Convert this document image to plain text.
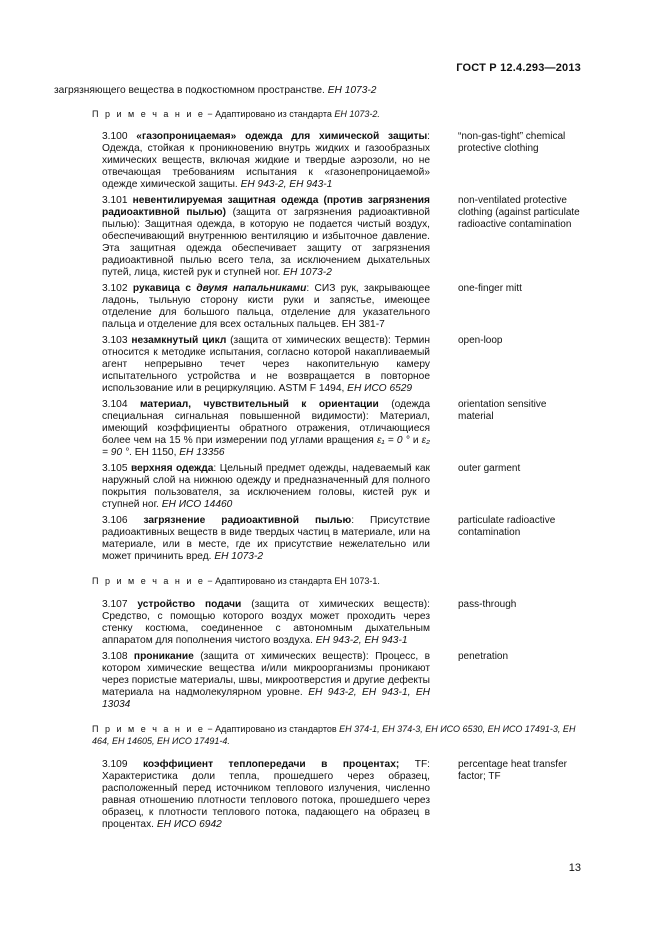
ГОСТ Р 12.4.293—2013
загрязняющего вещества в подкостюмном пространстве. ЕН 1073-2
П р и м е ч а н и е − Адаптировано из стандарта ЕН 1073-2.
3.100 «газопроницаемая» одежда для химической защиты: Одежда, стойкая к проникновению внутрь жидких и газообразных химических веществ, включая жидкие и твердые аэрозоли, но не отвечающая требованиям испытания к «газонепроницаемой» одежде химической защиты. ЕН 943-2, ЕН 943-1
“non-gas-tight” chemical protective clothing
3.101 невентилируемая защитная одежда (против загрязнения радиоактивной пылью) (защита от загрязнения радиоактивной пылью): Защитная одежда, в которую не подается чистый воздух, обеспечивающий внутреннюю вентиляцию и избыточное давление. Эта защитная одежда обеспечивает защиту от загрязнения радиоактивной пылью всего тела, за исключением дыхательных путей, лица, кистей рук и ступней ног. ЕН 1073-2
non-ventilated protective clothing (against particulate radioactive contamination
3.102 рукавица с двумя напальниками: СИЗ рук, закрывающее ладонь, тыльную сторону кисти руки и запястье, имеющее отделение для большого пальца, отделение для указательного пальца и отделение для всех остальных пальцев. ЕН 381-7
one-finger mitt
3.103 незамкнутый цикл (защита от химических веществ): Термин относится к методике испытания, согласно которой накапливаемый агент непрерывно течет через накопительную камеру испытательного устройства и не возвращается в повторное использование или в рециркуляцию. ASTM F 1494, ЕН ИСО 6529
open-loop
3.104 материал, чувствительный к ориентации (одежда специальная сигнальная повышенной видимости): Материал, имеющий коэффициенты обратного отражения, отличающиеся более чем на 15 % при измерении под углами вращения ε₁ = 0 ° и ε₂ = 90 °. ЕН 1150, ЕН 13356
orientation sensitive material
3.105 верхняя одежда: Цельный предмет одежды, надеваемый как наружный слой на нижнюю одежду и предназначенный для полного покрытия пользователя, за исключением головы, кистей рук и ступней ног. ЕН ИСО 14460
outer garment
3.106 загрязнение радиоактивной пылью: Присутствие радиоактивных веществ в виде твердых частиц в материале, или на материале, или в месте, где их присутствие нежелательно или может причинить вред. ЕН 1073-2
particulate radioactive contamination
П р и м е ч а н и е − Адаптировано из стандарта ЕН 1073-1.
3.107 устройство подачи (защита от химических веществ): Средство, с помощью которого воздух может проходить через стенку костюма, соединенное с автономным дыхательным аппаратом для пополнения чистого воздуха. ЕН 943-2, ЕН 943-1
pass-through
3.108 проникание (защита от химических веществ): Процесс, в котором химические вещества и/или микроорганизмы проникают через пористые материалы, швы, микроотверстия и другие дефекты материала на надмолекулярном уровне. ЕН 943-2, ЕН 943-1, ЕН 13034
penetration
П р и м е ч а н и е − Адаптировано из стандартов ЕН 374-1, ЕН 374-3, ЕН ИСО 6530, ЕН ИСО 17491-3, ЕН 464, ЕН 14605, ЕН ИСО 17491-4.
3.109 коэффициент теплопередачи в процентах; TF: Характеристика доли тепла, прошедшего через образец, расположенный перед источником теплового излучения, численно равная отношению плотности теплового потока, прошедшего через образец, к плотности теплового потока, падающего на образец в процентах. ЕН ИСО 6942
percentage heat transfer factor; TF
13
